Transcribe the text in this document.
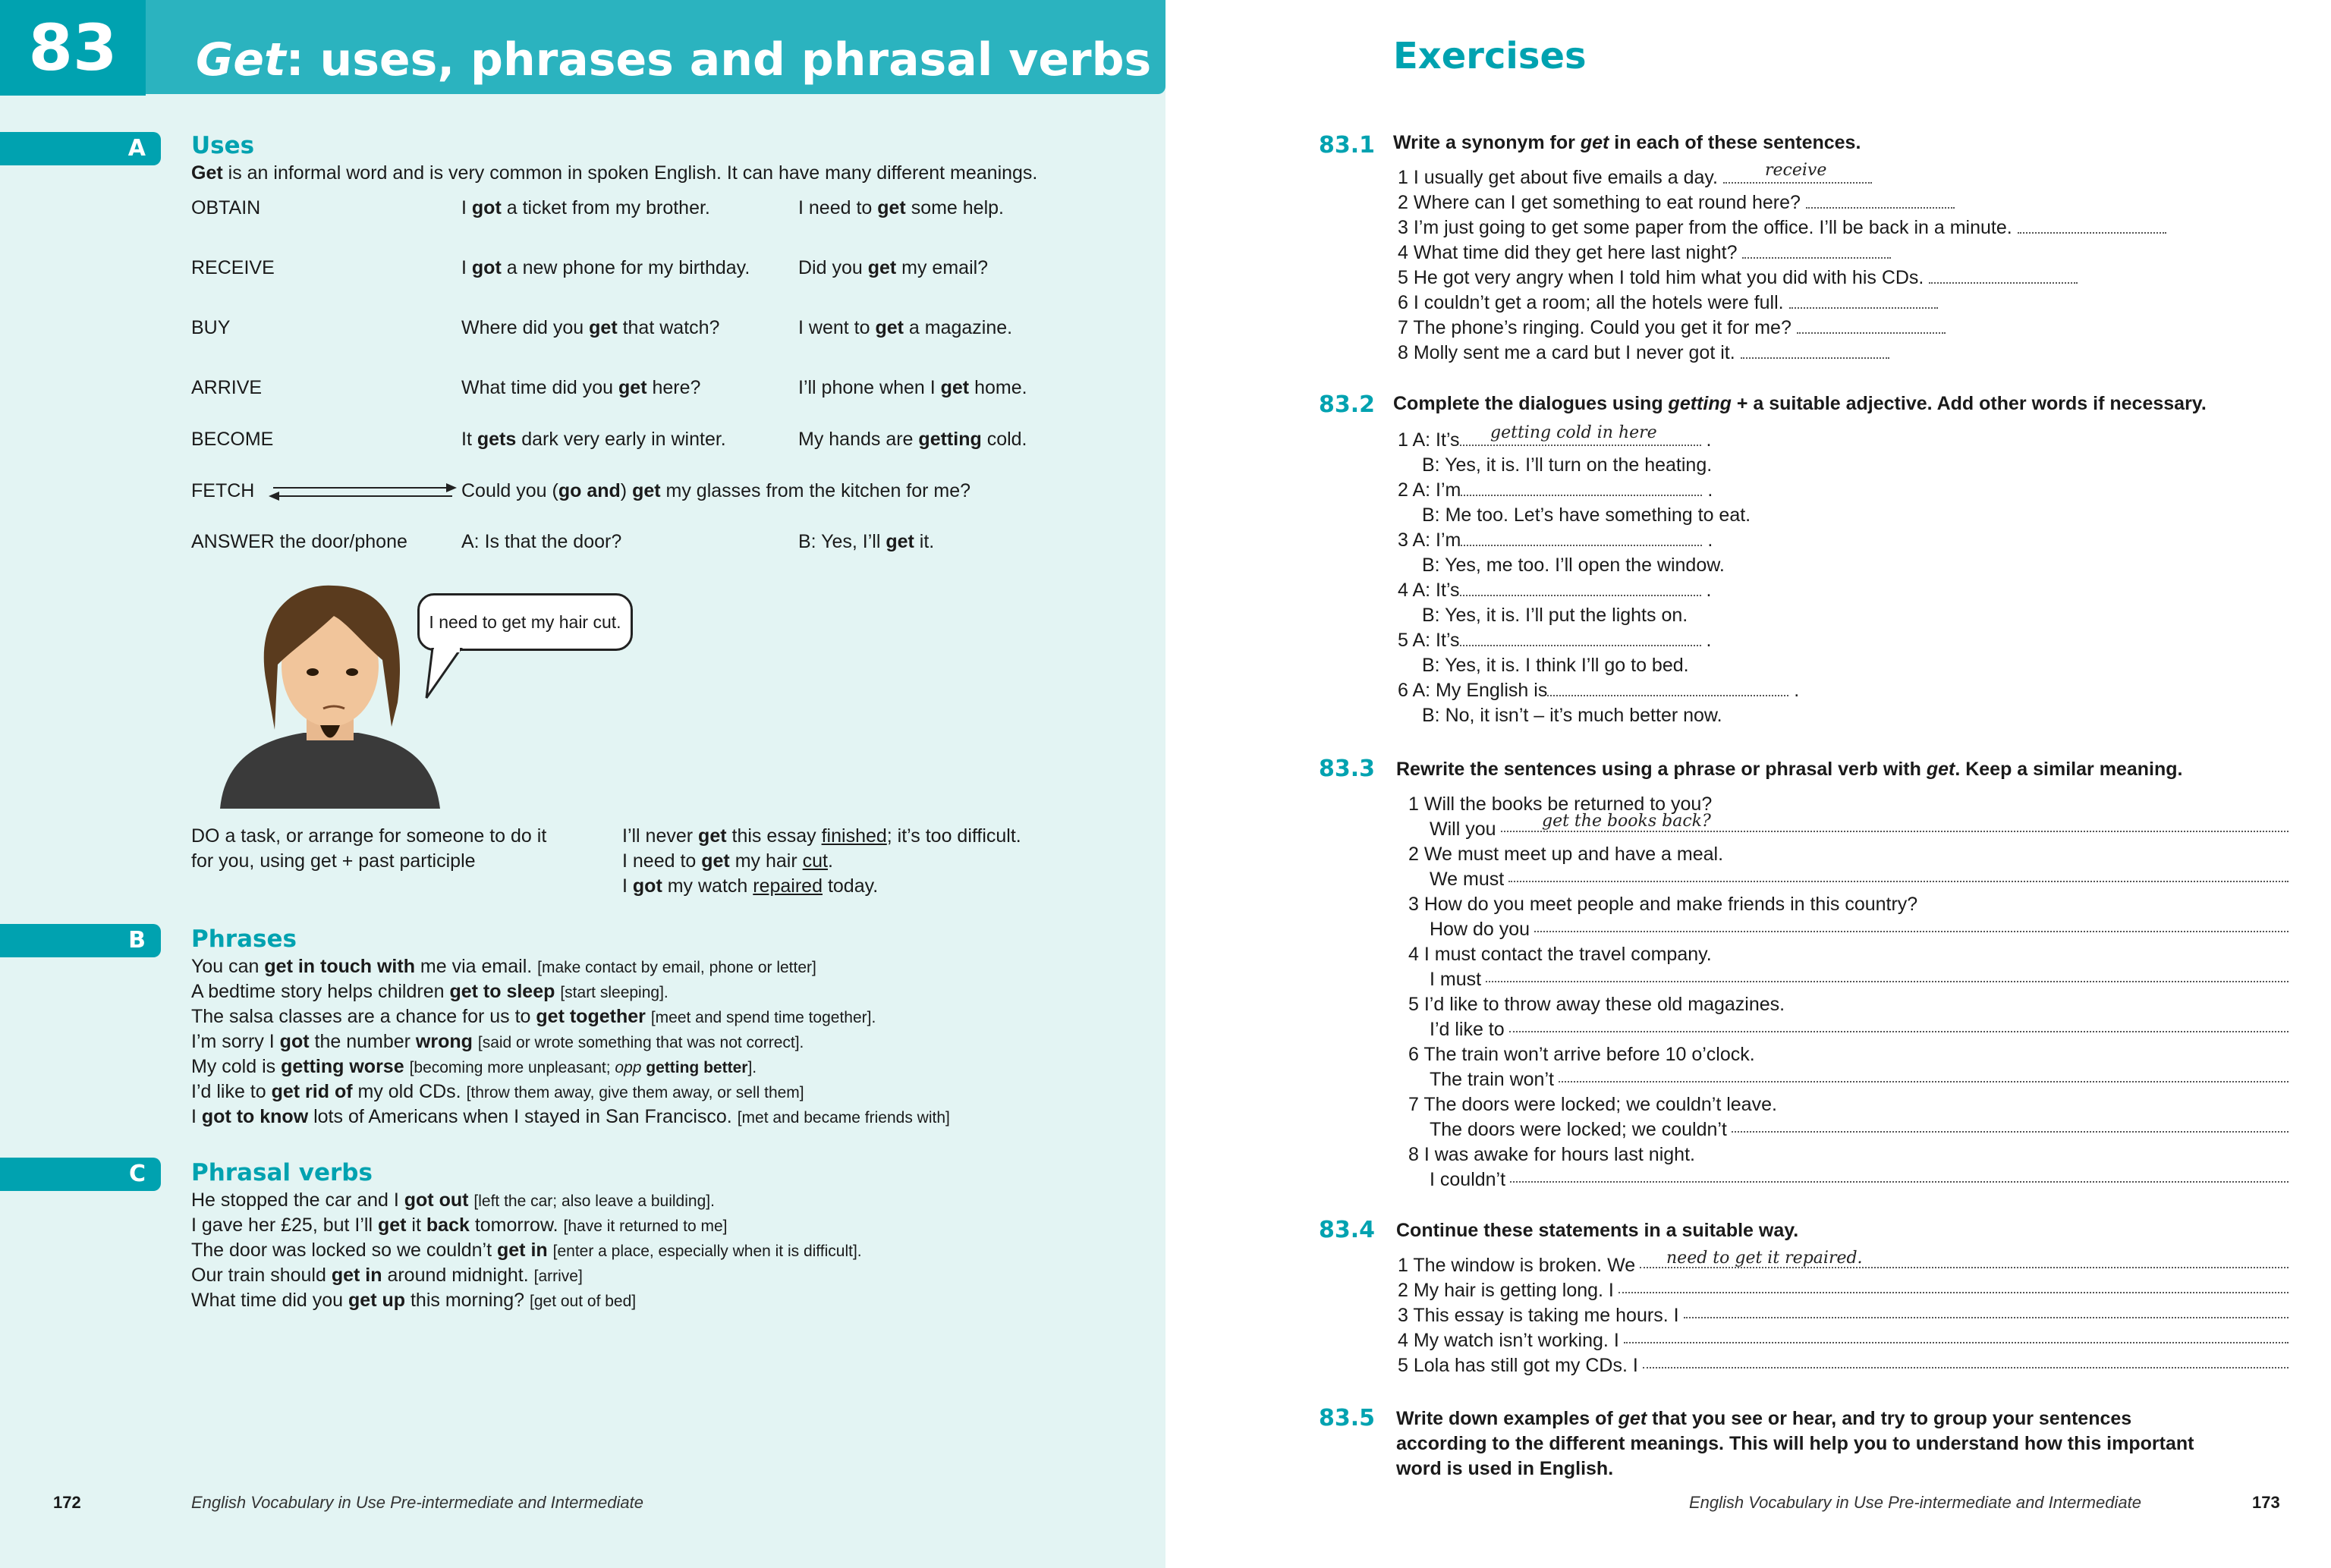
83	Get: uses, phrases and phrasal verbs
A	Uses
Get is an informal word and is very common in spoken English. It can have many different meanings.
OBTAIN	I got a ticket from my brother.	I need to get some help.
RECEIVE	I got a new phone for my birthday.	Did you get my email?
BUY	Where did you get that watch?	I went to get a magazine.
ARRIVE	What time did you get here?	I’ll phone when I get home.
BECOME	It gets dark very early in winter.	My hands are getting cold.
FETCH	Could you (go and) get my glasses from the kitchen for me?
ANSWER the door/phone	A: Is that the door?	B: Yes, I’ll get it.
I need to get my hair cut.
DO a task, or arrange for someone to do it
for you, using get + past participle
I’ll never get this essay finished; it’s too difficult.
I need to get my hair cut.
I got my watch repaired today.
B	Phrases
You can get in touch with me via email. [make contact by email, phone or letter]
A bedtime story helps children get to sleep [start sleeping].
The salsa classes are a chance for us to get together [meet and spend time together].
I’m sorry I got the number wrong [said or wrote something that was not correct].
My cold is getting worse [becoming more unpleasant; opp getting better].
I’d like to get rid of my old CDs. [throw them away, give them away, or sell them]
I got to know lots of Americans when I stayed in San Francisco. [met and became friends with]
C	Phrasal verbs
He stopped the car and I got out [left the car; also leave a building].
I gave her £25, but I’ll get it back tomorrow. [have it returned to me]
The door was locked so we couldn’t get in [enter a place, especially when it is difficult].
Our train should get in around midnight. [arrive]
What time did you get up this morning? [get out of bed]
172	English Vocabulary in Use Pre-intermediate and Intermediate
Exercises
83.1 Write a synonym for get in each of these sentences.
1 I usually get about five emails a day.	receive
2 Where can I get something to eat round here?
3 I’m just going to get some paper from the office. I’ll be back in a minute.
4 What time did they get here last night?
5 He got very angry when I told him what you did with his CDs.
6 I couldn’t get a room; all the hotels were full.
7 The phone’s ringing. Could you get it for me?
8 Molly sent me a card but I never got it.
83.2 Complete the dialogues using getting + a suitable adjective. Add other words if necessary.
1 A: It’s	.
getting cold in here
B: Yes, it is. I’ll turn on the heating.
2 A: I’m	.
B: Me too. Let’s have something to eat.
3 A: I’m	.
B: Yes, me too. I’ll open the window.
4 A: It’s	.
B: Yes, it is. I’ll put the lights on.
5 A: It’s	.
B: Yes, it is. I think I’ll go to bed.
6 A: My English is	.
B: No, it isn’t – it’s much better now.
83.3 Rewrite the sentences using a phrase or phrasal verb with get. Keep a similar meaning.
1 Will the books be returned to you?
Will you	get the books back?
2 We must meet up and have a meal.
We must
3 How do you meet people and make friends in this country?
How do you
4 I must contact the travel company.
I must
5 I’d like to throw away these old magazines.
I’d like to
6 The train won’t arrive before 10 o’clock.
The train won’t
7 The doors were locked; we couldn’t leave.
The doors were locked; we couldn’t
8 I was awake for hours last night.
I couldn’t
83.4 Continue these statements in a suitable way.
1 The window is broken. We need to get it repaired.
2 My hair is getting long. I
3 This essay is taking me hours. I
4 My watch isn’t working. I
5 Lola has still got my CDs. I
83.5 Write down examples of get that you see or hear, and try to group your sentences
according to the different meanings. This will help you to understand how this important
word is used in English.
English Vocabulary in Use Pre-intermediate and Intermediate	173
